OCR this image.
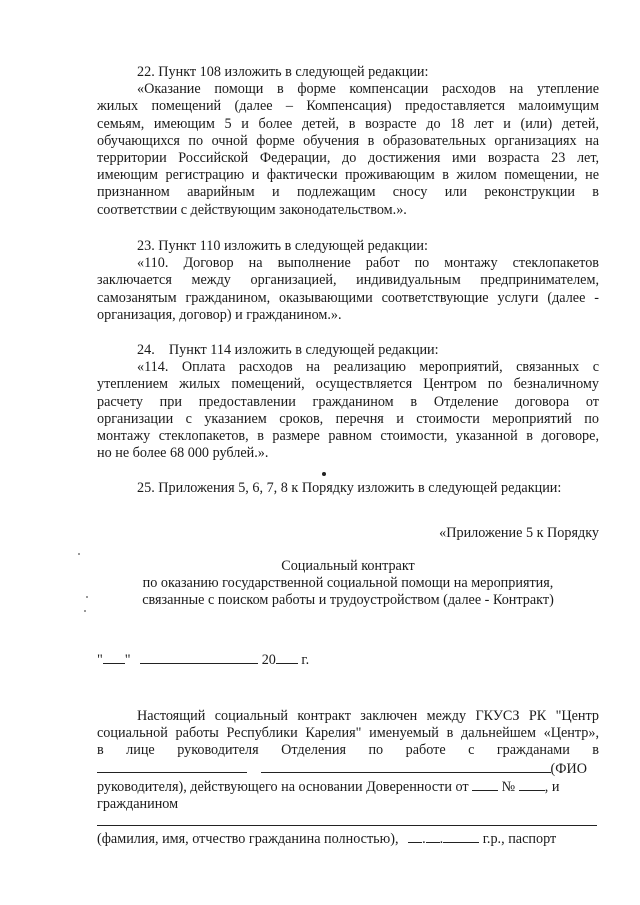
22. Пункт 108 изложить в следующей редакции:
«Оказание помощи в форме компенсации расходов на утепление
жилых помещений (далее – Компенсация) предоставляется малоимущим
семьям, имеющим 5 и более детей, в возрасте до 18 лет и (или) детей,
обучающихся по очной форме обучения в образовательных организациях на
территории Российской Федерации, до достижения ими возраста 23 лет,
имеющим регистрацию и фактически проживающим в жилом помещении, не
признанном аварийным и подлежащим сносу или реконструкции в
соответствии с действующим законодательством.».
23. Пункт 110 изложить в следующей редакции:
«110. Договор на выполнение работ по монтажу стеклопакетов
заключается между организацией, индивидуальным предпринимателем,
самозанятым гражданином, оказывающими соответствующие услуги (далее -
организация, договор) и гражданином.».
24.    Пункт 114 изложить в следующей редакции:
«114. Оплата расходов на реализацию мероприятий, связанных с
утеплением жилых помещений, осуществляется Центром по безналичному
расчету при предоставлении гражданином в Отделение договора от
организации с указанием сроков, перечня и стоимости мероприятий по
монтажу стеклопакетов, в размере равном стоимости, указанной в договоре,
но не более 68 000 рублей.».
25. Приложения 5, 6, 7, 8 к Порядку изложить в следующей редакции:
«Приложение 5 к Порядку
Социальный контракт
по оказанию государственной социальной помощи на мероприятия,
связанные с поиском работы и трудоустройством (далее - Контракт)
" "	20 г.
Настоящий социальный контракт заключен между ГКУСЗ РК "Центр
социальной работы Республики Карелия" именуемый в дальнейшем «Центр»,
в лице руководителя Отделения по работе с гражданами в
(ФИО
руководителя), действующего на основании Доверенности от № , и
гражданином
(фамилия, имя, отчество гражданина полностью), . .	г.р., паспорт
